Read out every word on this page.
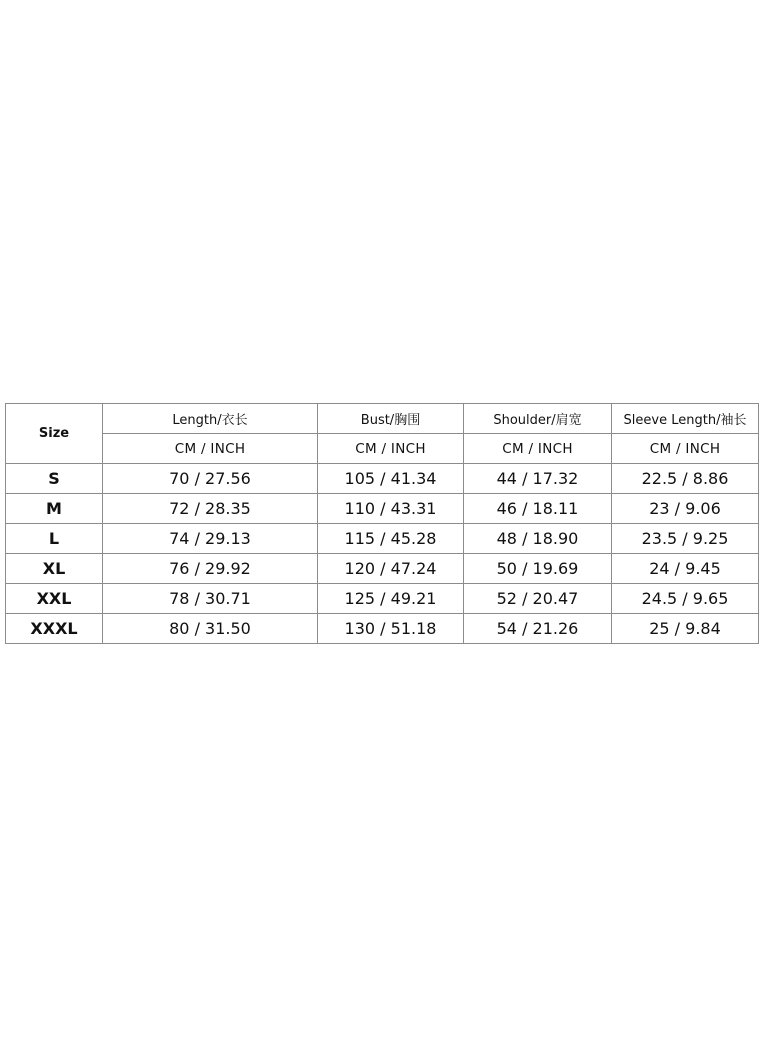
Size	Length/衣长	Bust/胸围	Shoulder/肩宽	Sleeve Length/袖长
	CM / INCH	CM / INCH	CM / INCH	CM / INCH
S	70 / 27.56	105 / 41.34	44 / 17.32	22.5 / 8.86
M	72 / 28.35	110 / 43.31	46 / 18.11	23 / 9.06
L	74 / 29.13	115 / 45.28	48 / 18.90	23.5 / 9.25
XL	76 / 29.92	120 / 47.24	50 / 19.69	24 / 9.45
XXL	78 / 30.71	125 / 49.21	52 / 20.47	24.5 / 9.65
XXXL	80 / 31.50	130 / 51.18	54 / 21.26	25 / 9.84
